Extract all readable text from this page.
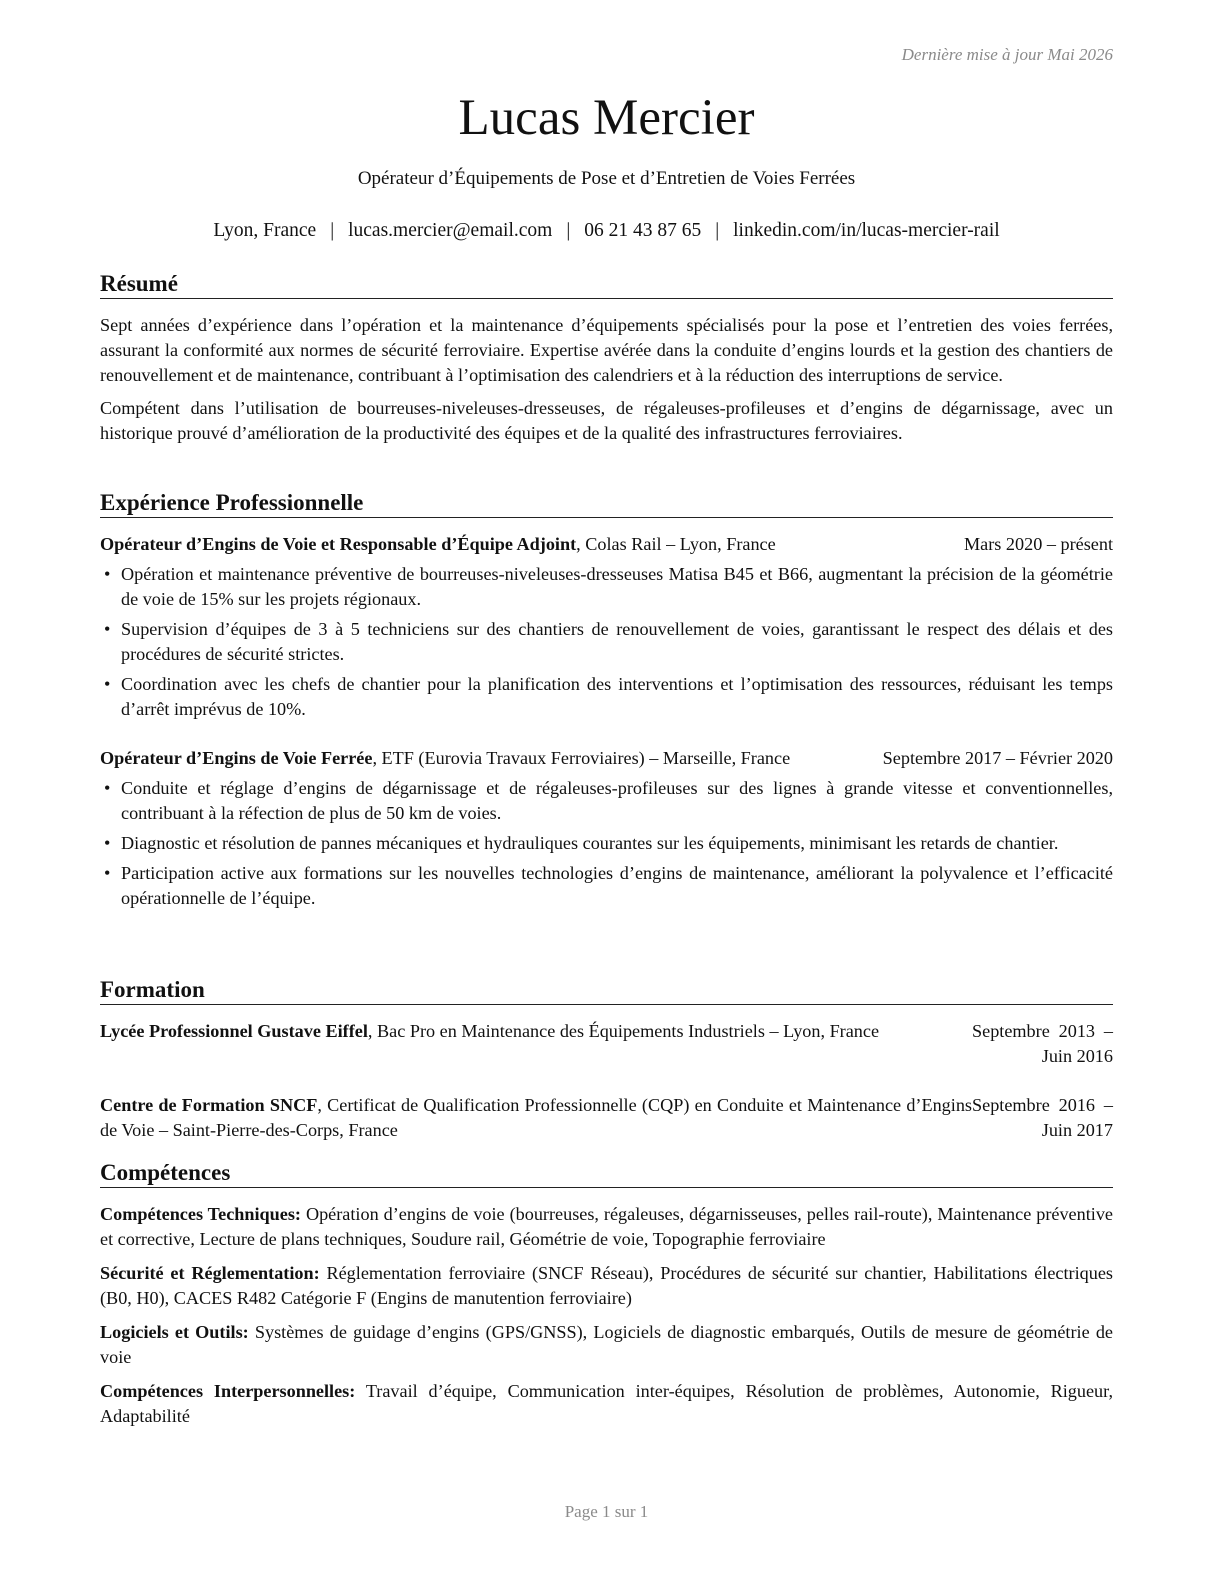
Dernière mise à jour Mai 2026
Lucas Mercier
Opérateur d’Équipements de Pose et d’Entretien de Voies Ferrées
Lyon, France | lucas.mercier@email.com | 06 21 43 87 65 | linkedin.com/in/lucas-mercier-rail
Résumé

Sept années d’expérience dans l’opération et la maintenance d’équipements spécialisés pour la pose et l’entretien des voies ferrées, assurant la conformité aux normes de sécurité ferroviaire. Expertise avérée dans la conduite d’engins lourds et la gestion des chantiers de renouvellement et de maintenance, contribuant à l’optimisation des calendriers et à la réduction des interruptions de service.

Compétent dans l’utilisation de bourreuses-niveleuses-dresseuses, de régaleuses-profileuses et d’engins de dégarnissage, avec un historique prouvé d’amélioration de la productivité des équipes et de la qualité des infrastructures ferroviaires.

Expérience Professionnelle
Opérateur d’Engins de Voie et Responsable d’Équipe Adjoint, Colas Rail – Lyon, France	Mars 2020 – présent
• Opération et maintenance préventive de bourreuses-niveleuses-dresseuses Matisa B45 et B66, augmentant la précision de la géométrie de voie de 15% sur les projets régionaux.
• Supervision d’équipes de 3 à 5 techniciens sur des chantiers de renouvellement de voies, garantissant le respect des délais et des procédures de sécurité strictes.
• Coordination avec les chefs de chantier pour la planification des interventions et l’optimisation des ressources, réduisant les temps d’arrêt imprévus de 10%.
Opérateur d’Engins de Voie Ferrée, ETF (Eurovia Travaux Ferroviaires) – Marseille, France	Septembre 2017 – Février 2020
• Conduite et réglage d’engins de dégarnissage et de régaleuses-profileuses sur des lignes à grande vitesse et conventionnelles, contribuant à la réfection de plus de 50 km de voies.
• Diagnostic et résolution de pannes mécaniques et hydrauliques courantes sur les équipements, minimisant les retards de chantier.
• Participation active aux formations sur les nouvelles technologies d’engins de maintenance, améliorant la polyvalence et l’efficacité opérationnelle de l’équipe.
Formation
Lycée Professionnel Gustave Eiffel, Bac Pro en Maintenance des Équipements Industriels – Lyon, France	Septembre 2013 – Juin 2016
Centre de Formation SNCF, Certificat de Qualification Professionnelle (CQP) en Conduite et Maintenance d’Engins de Voie – Saint-Pierre-des-Corps, France
Septembre 2016 – Juin 2017
Compétences

Compétences Techniques: Opération d’engins de voie (bourreuses, régaleuses, dégarnisseuses, pelles rail-route), Maintenance préventive et corrective, Lecture de plans techniques, Soudure rail, Géométrie de voie, Topographie ferroviaire

Sécurité et Réglementation: Réglementation ferroviaire (SNCF Réseau), Procédures de sécurité sur chantier, Habilitations électriques (B0, H0), CACES R482 Catégorie F (Engins de manutention ferroviaire)

Logiciels et Outils: Systèmes de guidage d’engins (GPS/GNSS), Logiciels de diagnostic embarqués, Outils de mesure de géométrie de voie

Compétences Interpersonnelles: Travail d’équipe, Communication inter-équipes, Résolution de problèmes, Autonomie, Rigueur, Adaptabilité

Page 1 sur 1
